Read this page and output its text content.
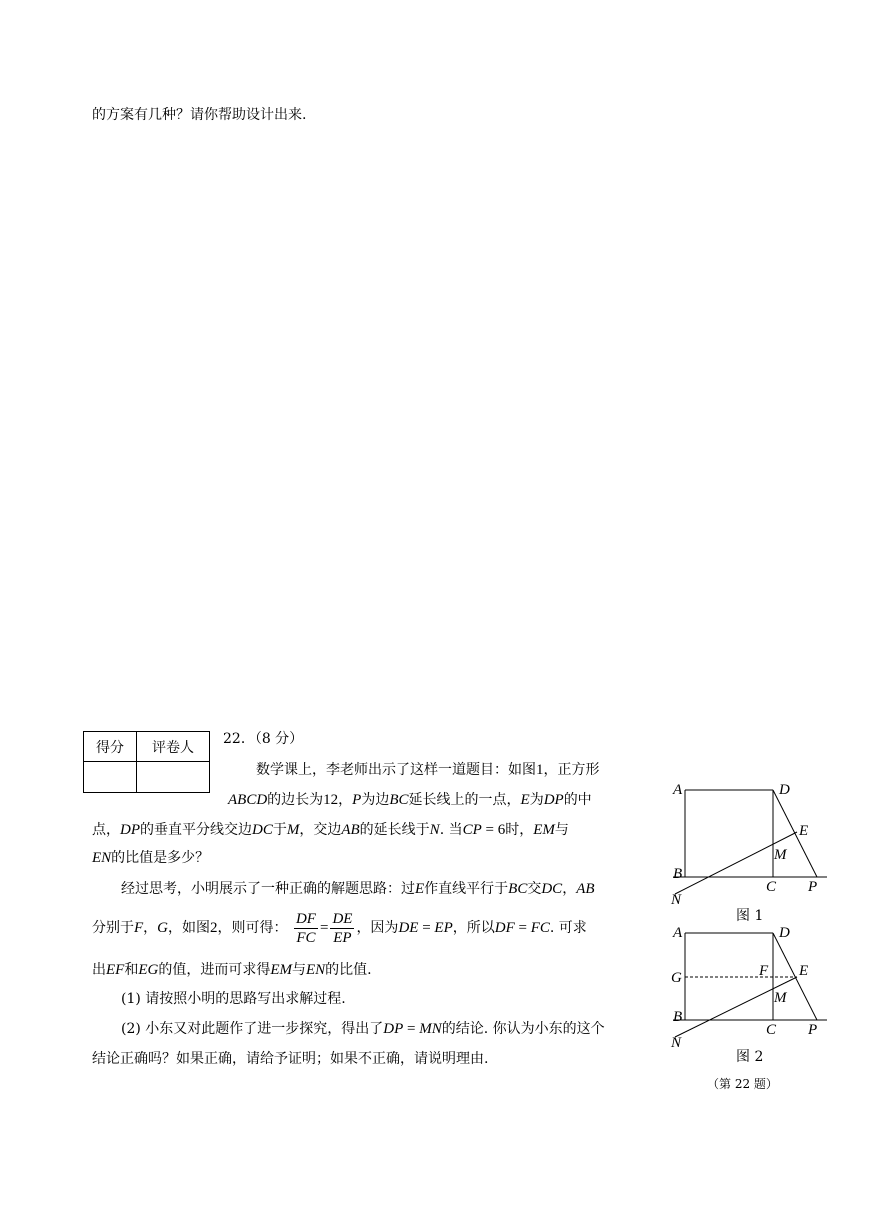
的方案有几种？请你帮助设计出来.
得分	评卷人

22．（8 分）
数学课上，李老师出示了这样一道题目：如图1，正方形
ABCD的边长为12，P为边BC延长线上的一点，E为DP的中
点，DP的垂直平分线交边DC于M，交边AB的延长线于N. 当CP = 6时，EM与
EN的比值是多少？
经过思考，小明展示了一种正确的解题思路：过E作直线平行于BC交DC，AB
分别于F，G，如图2，则可得： $\frac{DF}{FC} = \frac{DE}{EP}$ ，因为DE = EP，所以DF = FC. 可求
出EF和EG的值，进而可求得EM与EN的比值.
(1) 请按照小明的思路写出求解过程.
(2) 小东又对此题作了进一步探究，得出了DP = MN的结论. 你认为小东的这个
结论正确吗？如果正确，请给予证明；如果不正确，请说明理由.
A	D
E
M
B
C P
N
图 1
A	D
G	F E
M
B
C P
N
图 2
（第 22 题）
